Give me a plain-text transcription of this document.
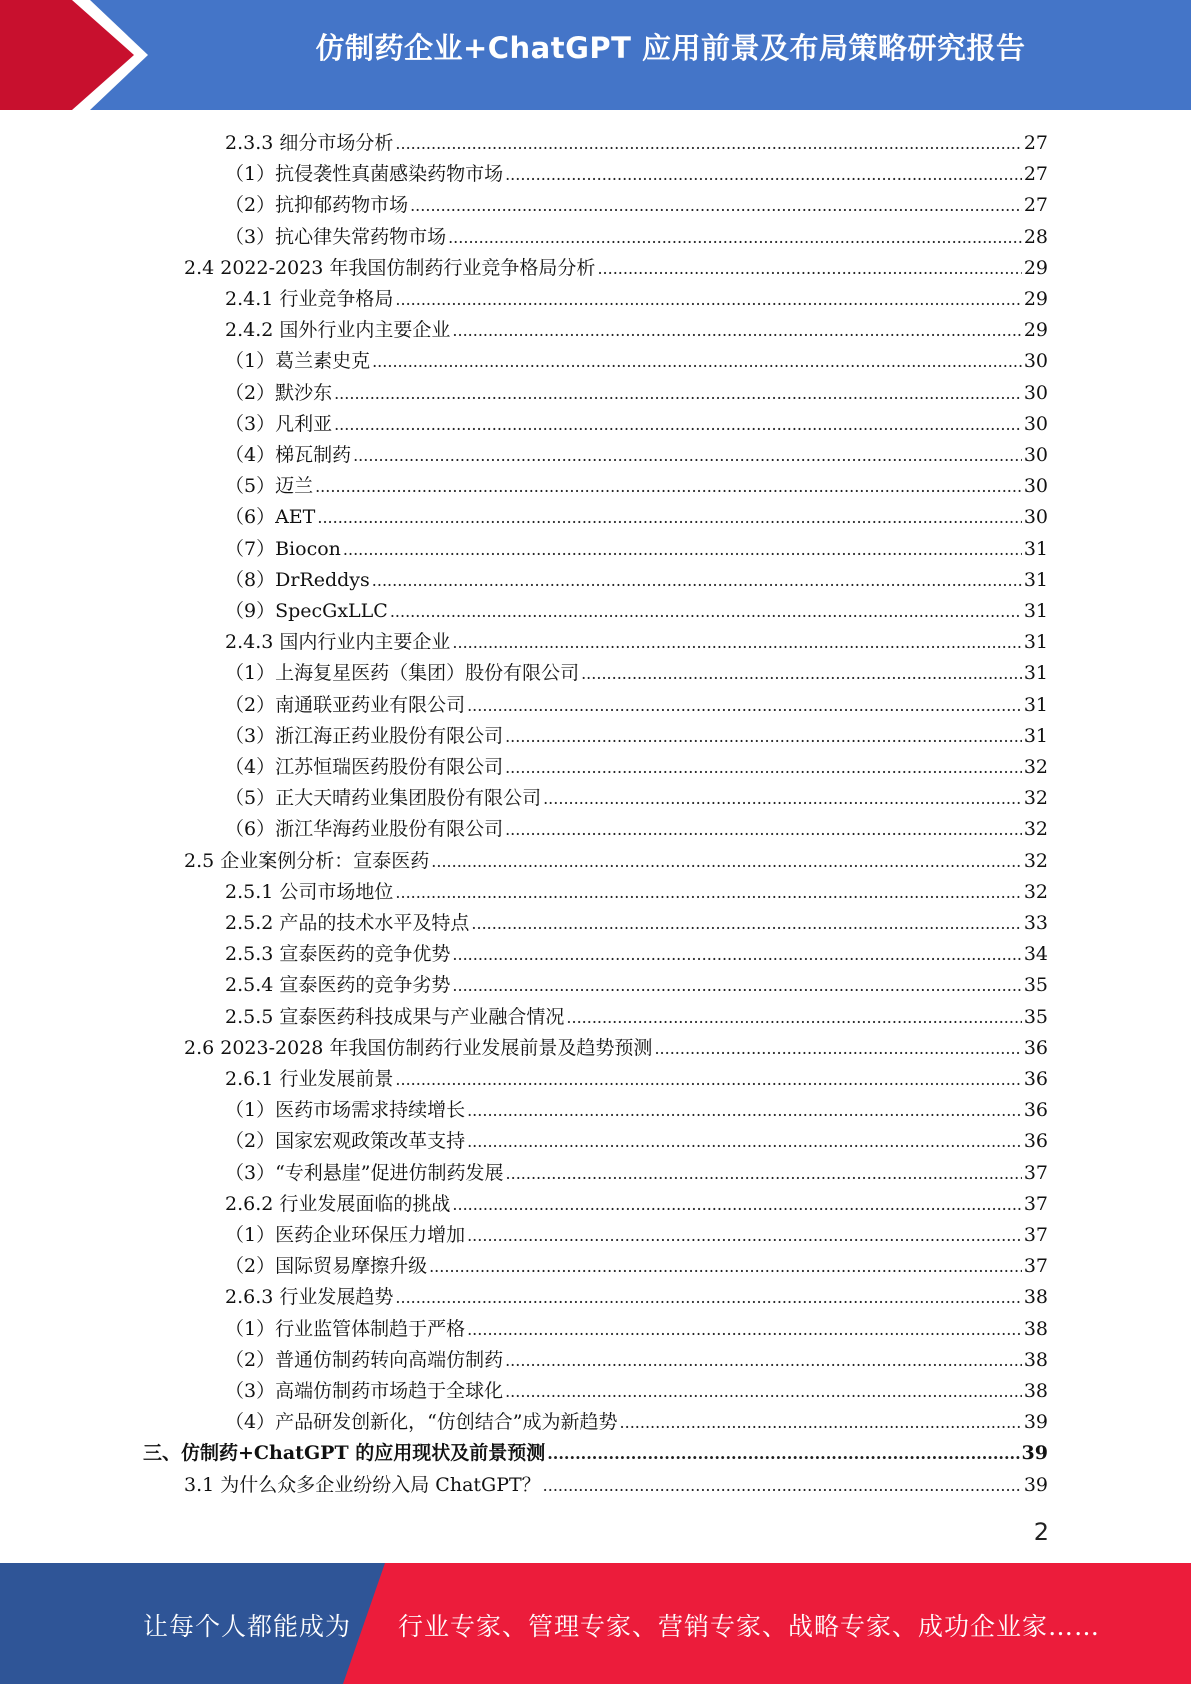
仿制药企业+ChatGPT 应用前景及布局策略研究报告
2.3.3 细分市场分析 .....	27
（1）抗侵袭性真菌感染药物市场 .....	27
（2）抗抑郁药物市场 .....	27
（3）抗心律失常药物市场 .....	28
2.4 2022-2023 年我国仿制药行业竞争格局分析 .....	29
2.4.1 行业竞争格局 .....	29
2.4.2 国外行业内主要企业 .....	29
（1）葛兰素史克 .....	30
（2）默沙东 .....	30
（3）凡利亚 .....	30
（4）梯瓦制药 .....	30
（5）迈兰 .....	30
（6）AET .....	30
（7）Biocon .....	31
（8）DrReddys .....	31
（9）SpecGxLLC .....	31
2.4.3 国内行业内主要企业 .....	31
（1）上海复星医药（集团）股份有限公司 .....	31
（2）南通联亚药业有限公司 .....	31
（3）浙江海正药业股份有限公司 .....	31
（4）江苏恒瑞医药股份有限公司 .....	32
（5）正大天晴药业集团股份有限公司 .....	32
（6）浙江华海药业股份有限公司 .....	32
2.5 企业案例分析：宣泰医药 .....	32
2.5.1 公司市场地位 .....	32
2.5.2 产品的技术水平及特点 .....	33
2.5.3 宣泰医药的竞争优势 .....	34
2.5.4 宣泰医药的竞争劣势 .....	35
2.5.5 宣泰医药科技成果与产业融合情况 .....	35
2.6 2023-2028 年我国仿制药行业发展前景及趋势预测 .....	36
2.6.1 行业发展前景 .....	36
（1）医药市场需求持续增长 .....	36
（2）国家宏观政策改革支持 .....	36
（3）“专利悬崖”促进仿制药发展 .....	37
2.6.2 行业发展面临的挑战 .....	37
（1）医药企业环保压力增加 .....	37
（2）国际贸易摩擦升级 .....	37
2.6.3 行业发展趋势 .....	38
（1）行业监管体制趋于严格 .....	38
（2）普通仿制药转向高端仿制药 .....	38
（3）高端仿制药市场趋于全球化 .....	38
（4）产品研发创新化，“仿创结合”成为新趋势 .....	39
三、仿制药+ChatGPT 的应用现状及前景预测 .....	39
3.1 为什么众多企业纷纷入局 ChatGPT？ .....	39
2
让每个人都能成为 行业专家、管理专家、营销专家、战略专家、成功企业家……
